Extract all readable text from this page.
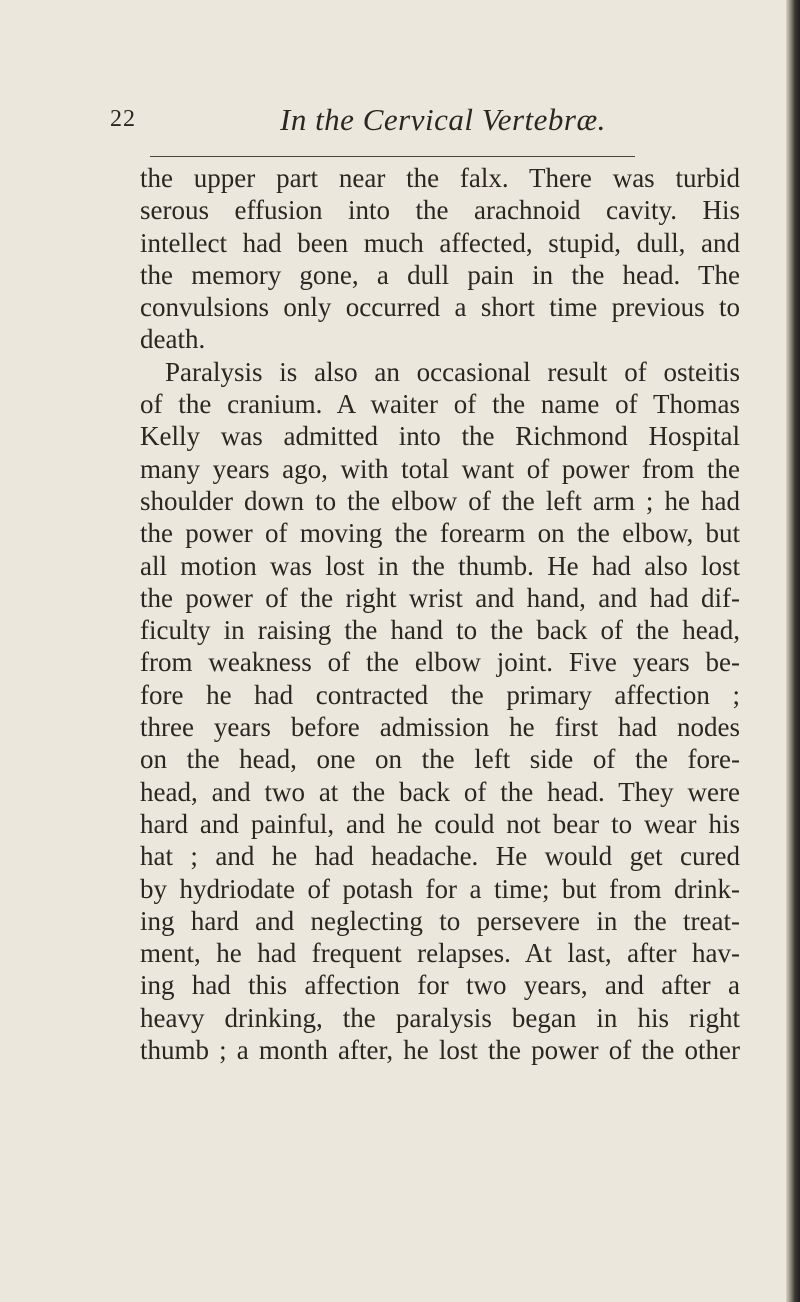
22	In the Cervical Vertebræ.
the upper part near the falx. There was turbid
serous effusion into the arachnoid cavity. His
intellect had been much affected, stupid, dull, and
the memory gone, a dull pain in the head. The
convulsions only occurred a short time previous to
death.
Paralysis is also an occasional result of osteitis
of the cranium. A waiter of the name of Thomas
Kelly was admitted into the Richmond Hospital
many years ago, with total want of power from the
shoulder down to the elbow of the left arm ; he had
the power of moving the forearm on the elbow, but
all motion was lost in the thumb. He had also lost
the power of the right wrist and hand, and had dif-
ficulty in raising the hand to the back of the head,
from weakness of the elbow joint. Five years be-
fore he had contracted the primary affection ;
three years before admission he first had nodes
on the head, one on the left side of the fore-
head, and two at the back of the head. They were
hard and painful, and he could not bear to wear his
hat ; and he had headache. He would get cured
by hydriodate of potash for a time; but from drink-
ing hard and neglecting to persevere in the treat-
ment, he had frequent relapses. At last, after hav-
ing had this affection for two years, and after a
heavy drinking, the paralysis began in his right
thumb ; a month after, he lost the power of the other
